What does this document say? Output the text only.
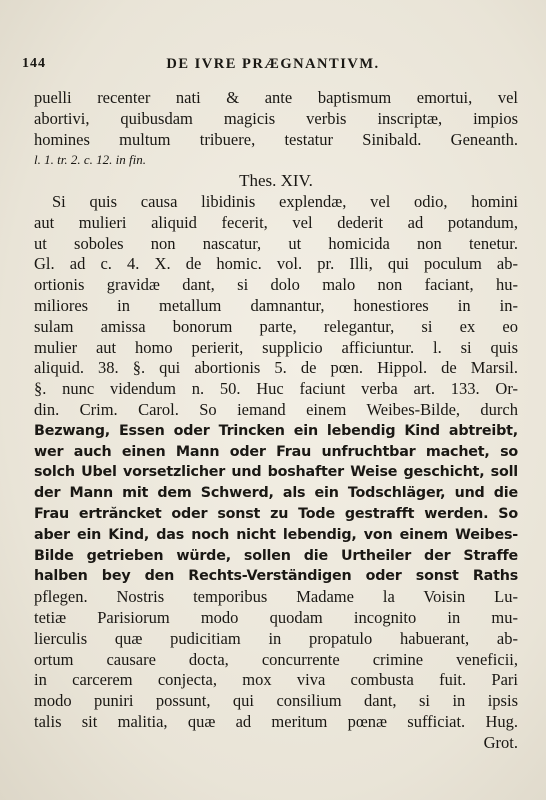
144	DE IVRE PRÆGNANTIVM.
puelli recenter nati & ante baptismum emortui, vel
abortivi, quibusdam magicis verbis inscriptæ, impios
homines multum tribuere, testatur Sinibald. Geneanth.
l. 1. tr. 2. c. 12. in fin.
Thes. XIV.
Si quis causa libidinis explendæ, vel odio, homini
aut mulieri aliquid fecerit, vel dederit ad potandum,
ut soboles non nascatur, ut homicida non tenetur.
Gl. ad c. 4. X. de homic. vol. pr. Illi, qui poculum ab-
ortionis gravidæ dant, si dolo malo non faciant, hu-
miliores in metallum damnantur, honestiores in in-
sulam amissa bonorum parte, relegantur, si ex eo
mulier aut homo perierit, supplicio afficiuntur. l. si quis
aliquid. 38. §. qui abortionis 5. de pœn. Hippol. de Marsil.
§. nunc videndum n. 50. Huc faciunt verba art. 133. Or-
din. Crim. Carol. So iemand einem Weibes-Bilde, durch
Bezwang, Essen oder Trincken ein lebendig Kind abtreibt,
wer auch einen Mann oder Frau unfruchtbar machet, so
solch Ubel vorsetzlicher und boshafter Weise geschicht, soll
der Mann mit dem Schwerd, als ein Todschläger, und die
Frau ertrăncket oder sonst zu Tode gestrafft werden. So
aber ein Kind, das noch nicht lebendig, von einem Weibes-
Bilde getrieben würde, sollen die Urtheiler der Straffe
halben bey den Rechts-Verständigen oder sonst Raths
pflegen. Nostris temporibus Madame la Voisin Lu-
tetiæ Parisiorum modo quodam incognito in mu-
lierculis quæ pudicitiam in propatulo habuerant, ab-
ortum causare docta, concurrente crimine veneficii,
in carcerem conjecta, mox viva combusta fuit. Pari
modo puniri possunt, qui consilium dant, si in ipsis
talis sit malitia, quæ ad meritum pœnæ sufficiat. Hug.
Grot.
